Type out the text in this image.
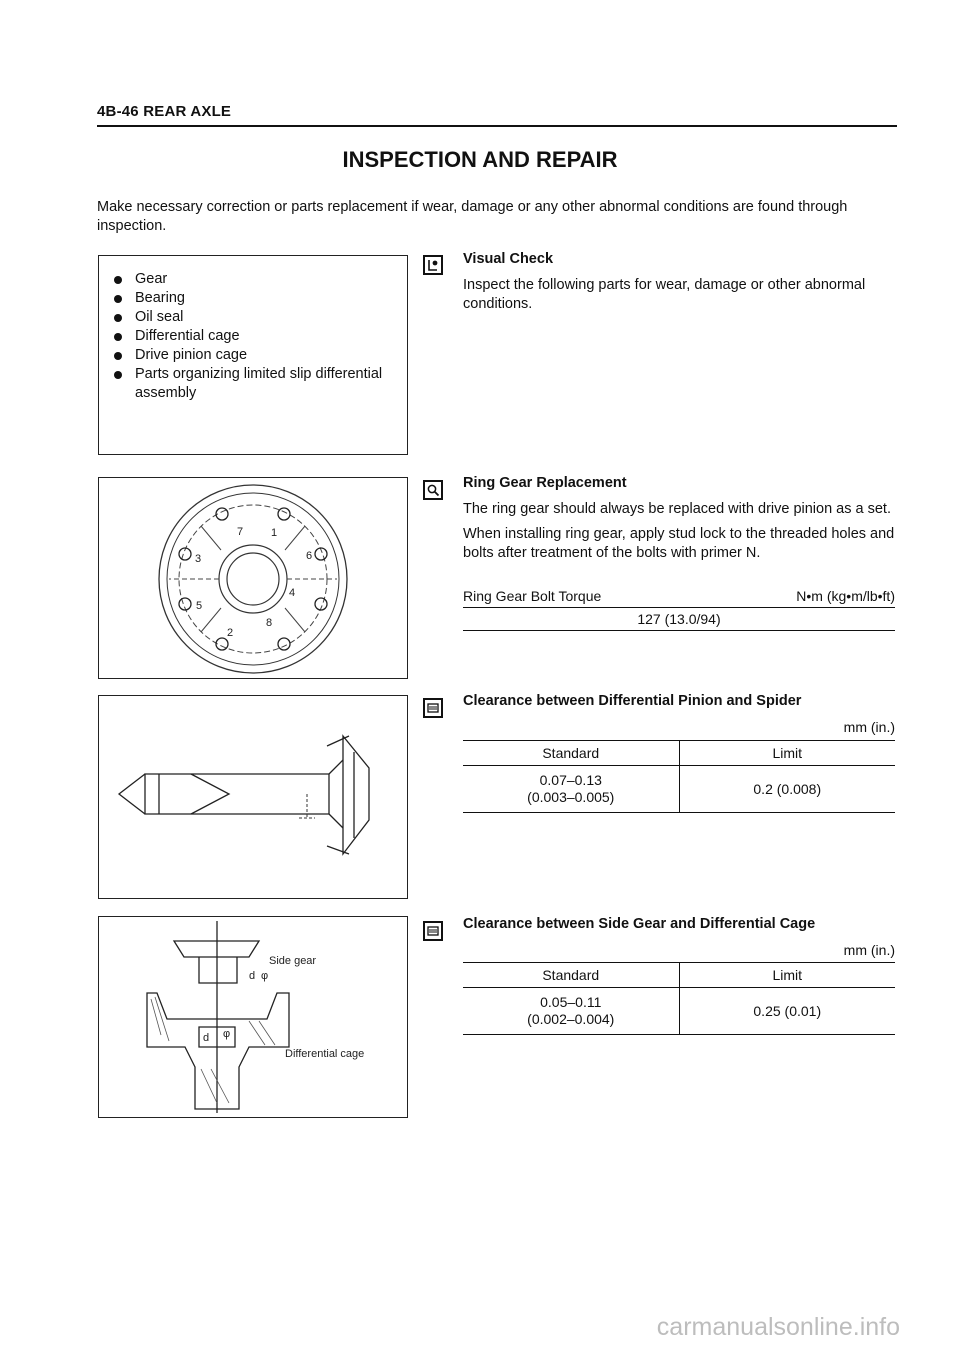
4B-46 REAR AXLE
INSPECTION AND REPAIR
Make necessary correction or parts replacement if wear, damage or any other abnormal conditions are found through inspection.
Gear
Bearing
Oil seal
Differential cage
Drive pinion cage
Parts organizing limited slip differential assembly
Visual Check
Inspect the following parts for wear, damage or other abnormal conditions.
1
2
3
4
5
6
7
8
Ring Gear Replacement

The ring gear should always be replaced with drive pinion as a set.

When installing ring gear, apply stud lock to the threaded holes and bolts after treatment of the bolts with primer N.

Ring Gear Bolt Torque	N•m (kg•m/lb•ft)
127 (13.0/94)
Clearance between Differential Pinion and Spider
mm (in.)
Standard	Limit
0.07–0.13
(0.003–0.005)	0.2 (0.008)
Side gear
d φ
Differential cage
d φ
Clearance between Side Gear and Differential Cage
mm (in.)
Standard	Limit
0.05–0.11
(0.002–0.004)	0.25 (0.01)
carmanualsonline.info
